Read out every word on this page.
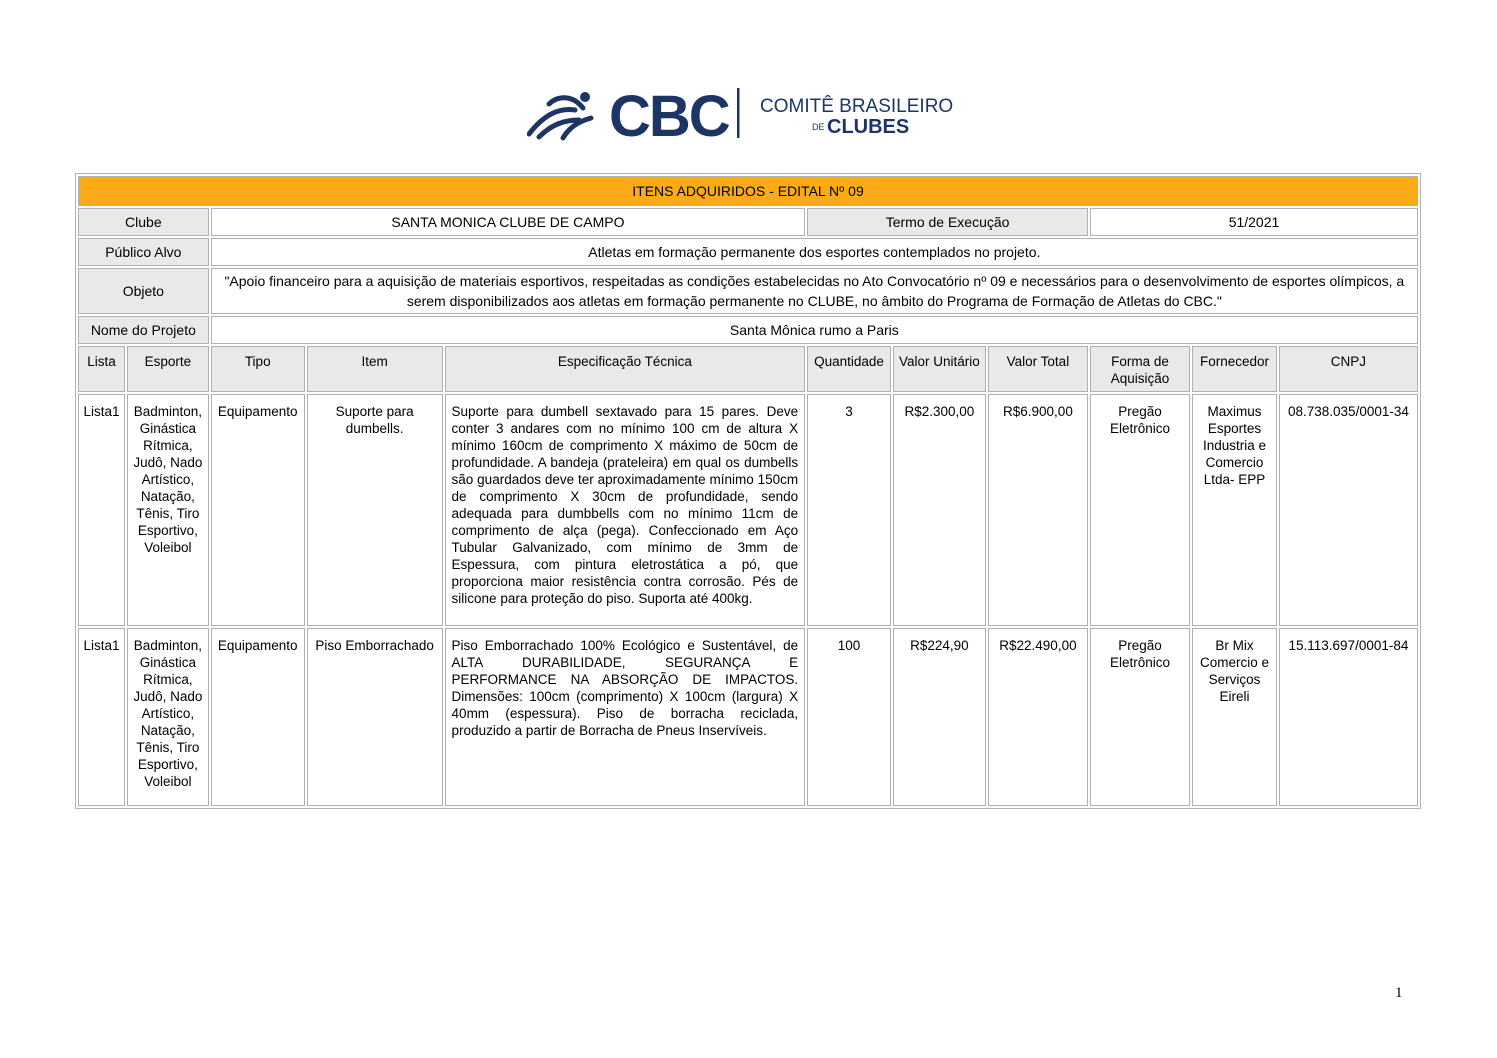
CBC COMITÊ BRASILEIRO
DE CLUBES
ITENS ADQUIRIDOS - EDITAL Nº 09										
Clube		SANTA MONICA CLUBE DE CAMPO			Termo de Execução			51/2021		
Público Alvo		Atletas em formação permanente dos esportes contemplados no projeto.								
Objeto		"Apoio financeiro para a aquisição de materiais esportivos, respeitadas as condições estabelecidas no Ato Convocatório nº 09 e necessários para o desenvolvimento de esportes olímpicos, a serem disponibilizados aos atletas em formação permanente no CLUBE, no âmbito do Programa de Formação de Atletas do CBC."								
Nome do Projeto		Santa Mônica rumo a Paris								
Lista	Esporte	Tipo	Item	Especificação Técnica	Quantidade	Valor Unitário	Valor Total	Forma de Aquisição	Fornecedor	CNPJ
Lista1	Badminton, Ginástica Rítmica, Judô, Nado Artístico, Natação, Tênis, Tiro Esportivo, Voleibol	Equipamento	Suporte para dumbells.	Suporte para dumbell sextavado para 15 pares. Deve conter 3 andares com no mínimo 100 cm de altura X mínimo 160cm de comprimento X máximo de 50cm de profundidade. A bandeja (prateleira) em qual os dumbells são guardados deve ter aproximadamente mínimo 150cm de comprimento X 30cm de profundidade, sendo adequada para dumbbells com no mínimo 11cm de comprimento de alça (pega). Confeccionado em Aço Tubular Galvanizado, com mínimo de 3mm de Espessura, com pintura eletrostática a pó, que proporciona maior resistência contra corrosão. Pés de silicone para proteção do piso. Suporta até 400kg.	3	R$2.300,00	R$6.900,00	Pregão Eletrônico	Maximus Esportes Industria e Comercio Ltda- EPP	08.738.035/0001-34
Lista1	Badminton, Ginástica Rítmica, Judô, Nado Artístico, Natação, Tênis, Tiro Esportivo, Voleibol	Equipamento	Piso Emborrachado	Piso Emborrachado 100% Ecológico e Sustentável, de ALTA DURABILIDADE, SEGURANÇA E PERFORMANCE NA ABSORÇÃO DE IMPACTOS. Dimensões: 100cm (comprimento) X 100cm (largura) X 40mm (espessura). Piso de borracha reciclada, produzido a partir de Borracha de Pneus Inservíveis.	100	R$224,90	R$22.490,00	Pregão Eletrônico	Br Mix Comercio e Serviços Eireli	15.113.697/0001-84
1
